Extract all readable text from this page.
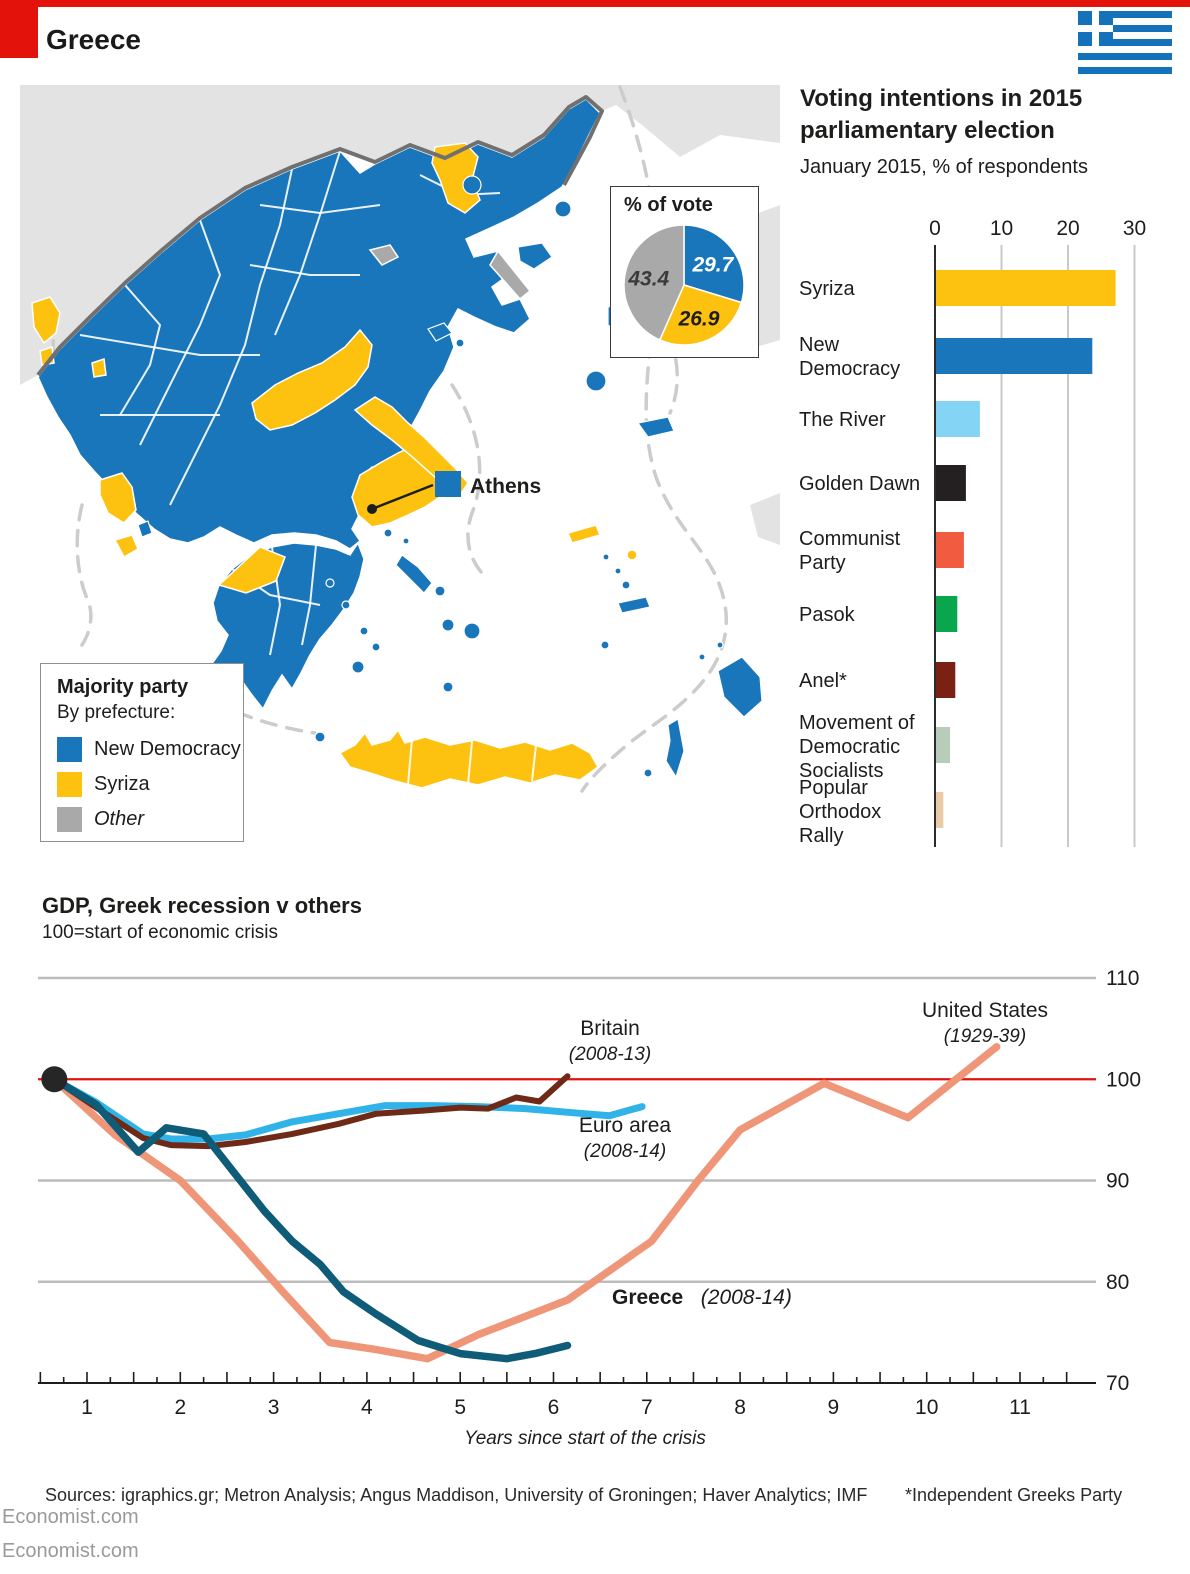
Greece
Athens
% of vote
29.7
26.9
43.4
Majority party
By prefecture:
New Democracy
Syriza
Other
Voting intentions in 2015
parliamentary election
January 2015, % of respondents
0 10 20 30
Syriza
New
Democracy
The River
Golden Dawn
Communist
Party
Pasok
Anel*
Movement of
Democratic
Socialists
Popular
Orthodox
Rally
GDP, Greek recession v others
100=start of economic crisis
110
100
90
80
70
1	2	3	4	5	6	7	8	9	10	11
Years since start of the crisis
Britain
(2008-13)
Euro area
(2008-14)
United States
(1929-39)
Greece (2008-14)
Sources: igraphics.gr; Metron Analysis; Angus Maddison, University of Groningen; Haver Analytics; IMF *Independent Greeks Party
Economist.com
Economist.com
